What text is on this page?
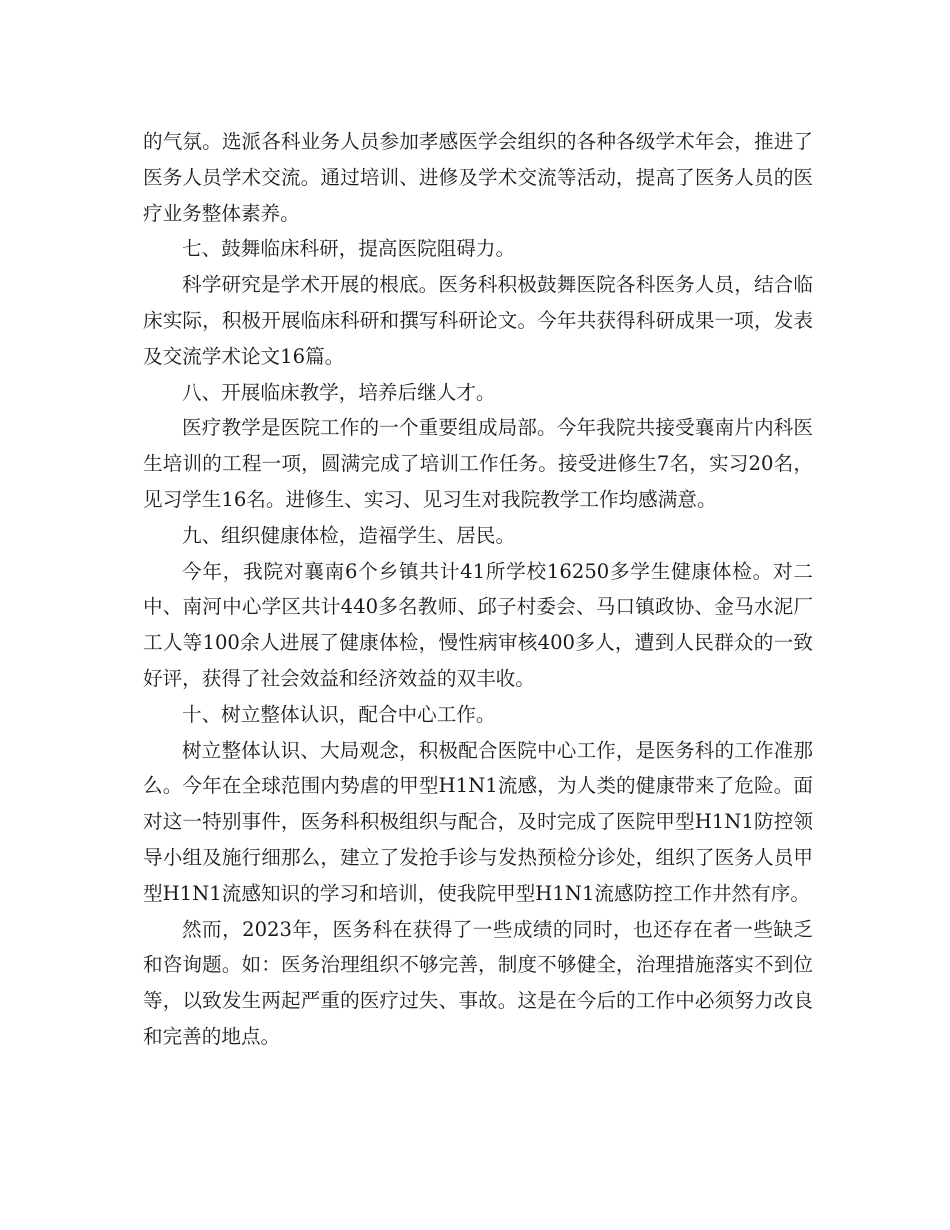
的气氛。选派各科业务人员参加孝感医学会组织的各种各级学术年会，推进了医务人员学术交流。通过培训、进修及学术交流等活动，提高了医务人员的医疗业务整体素养。

七、鼓舞临床科研，提高医院阻碍力。

科学研究是学术开展的根底。医务科积极鼓舞医院各科医务人员，结合临床实际，积极开展临床科研和撰写科研论文。今年共获得科研成果一项，发表及交流学术论文16篇。

八、开展临床教学，培养后继人才。

医疗教学是医院工作的一个重要组成局部。今年我院共接受襄南片内科医生培训的工程一项，圆满完成了培训工作任务。接受进修生7名，实习20名，见习学生16名。进修生、实习、见习生对我院教学工作均感满意。

九、组织健康体检，造福学生、居民。

今年，我院对襄南6个乡镇共计41所学校16250多学生健康体检。对二中、南河中心学区共计440多名教师、邱子村委会、马口镇政协、金马水泥厂工人等100余人进展了健康体检，慢性病审核400多人，遭到人民群众的一致好评，获得了社会效益和经济效益的双丰收。

十、树立整体认识，配合中心工作。

树立整体认识、大局观念，积极配合医院中心工作，是医务科的工作准那么。今年在全球范围内势虐的甲型H1N1流感，为人类的健康带来了危险。面对这一特别事件，医务科积极组织与配合，及时完成了医院甲型H1N1防控领导小组及施行细那么，建立了发抢手诊与发热预检分诊处，组织了医务人员甲型H1N1流感知识的学习和培训，使我院甲型H1N1流感防控工作井然有序。

然而，2023年，医务科在获得了一些成绩的同时，也还存在者一些缺乏和咨询题。如：医务治理组织不够完善，制度不够健全，治理措施落实不到位等，以致发生两起严重的医疗过失、事故。这是在今后的工作中必须努力改良和完善的地点。
